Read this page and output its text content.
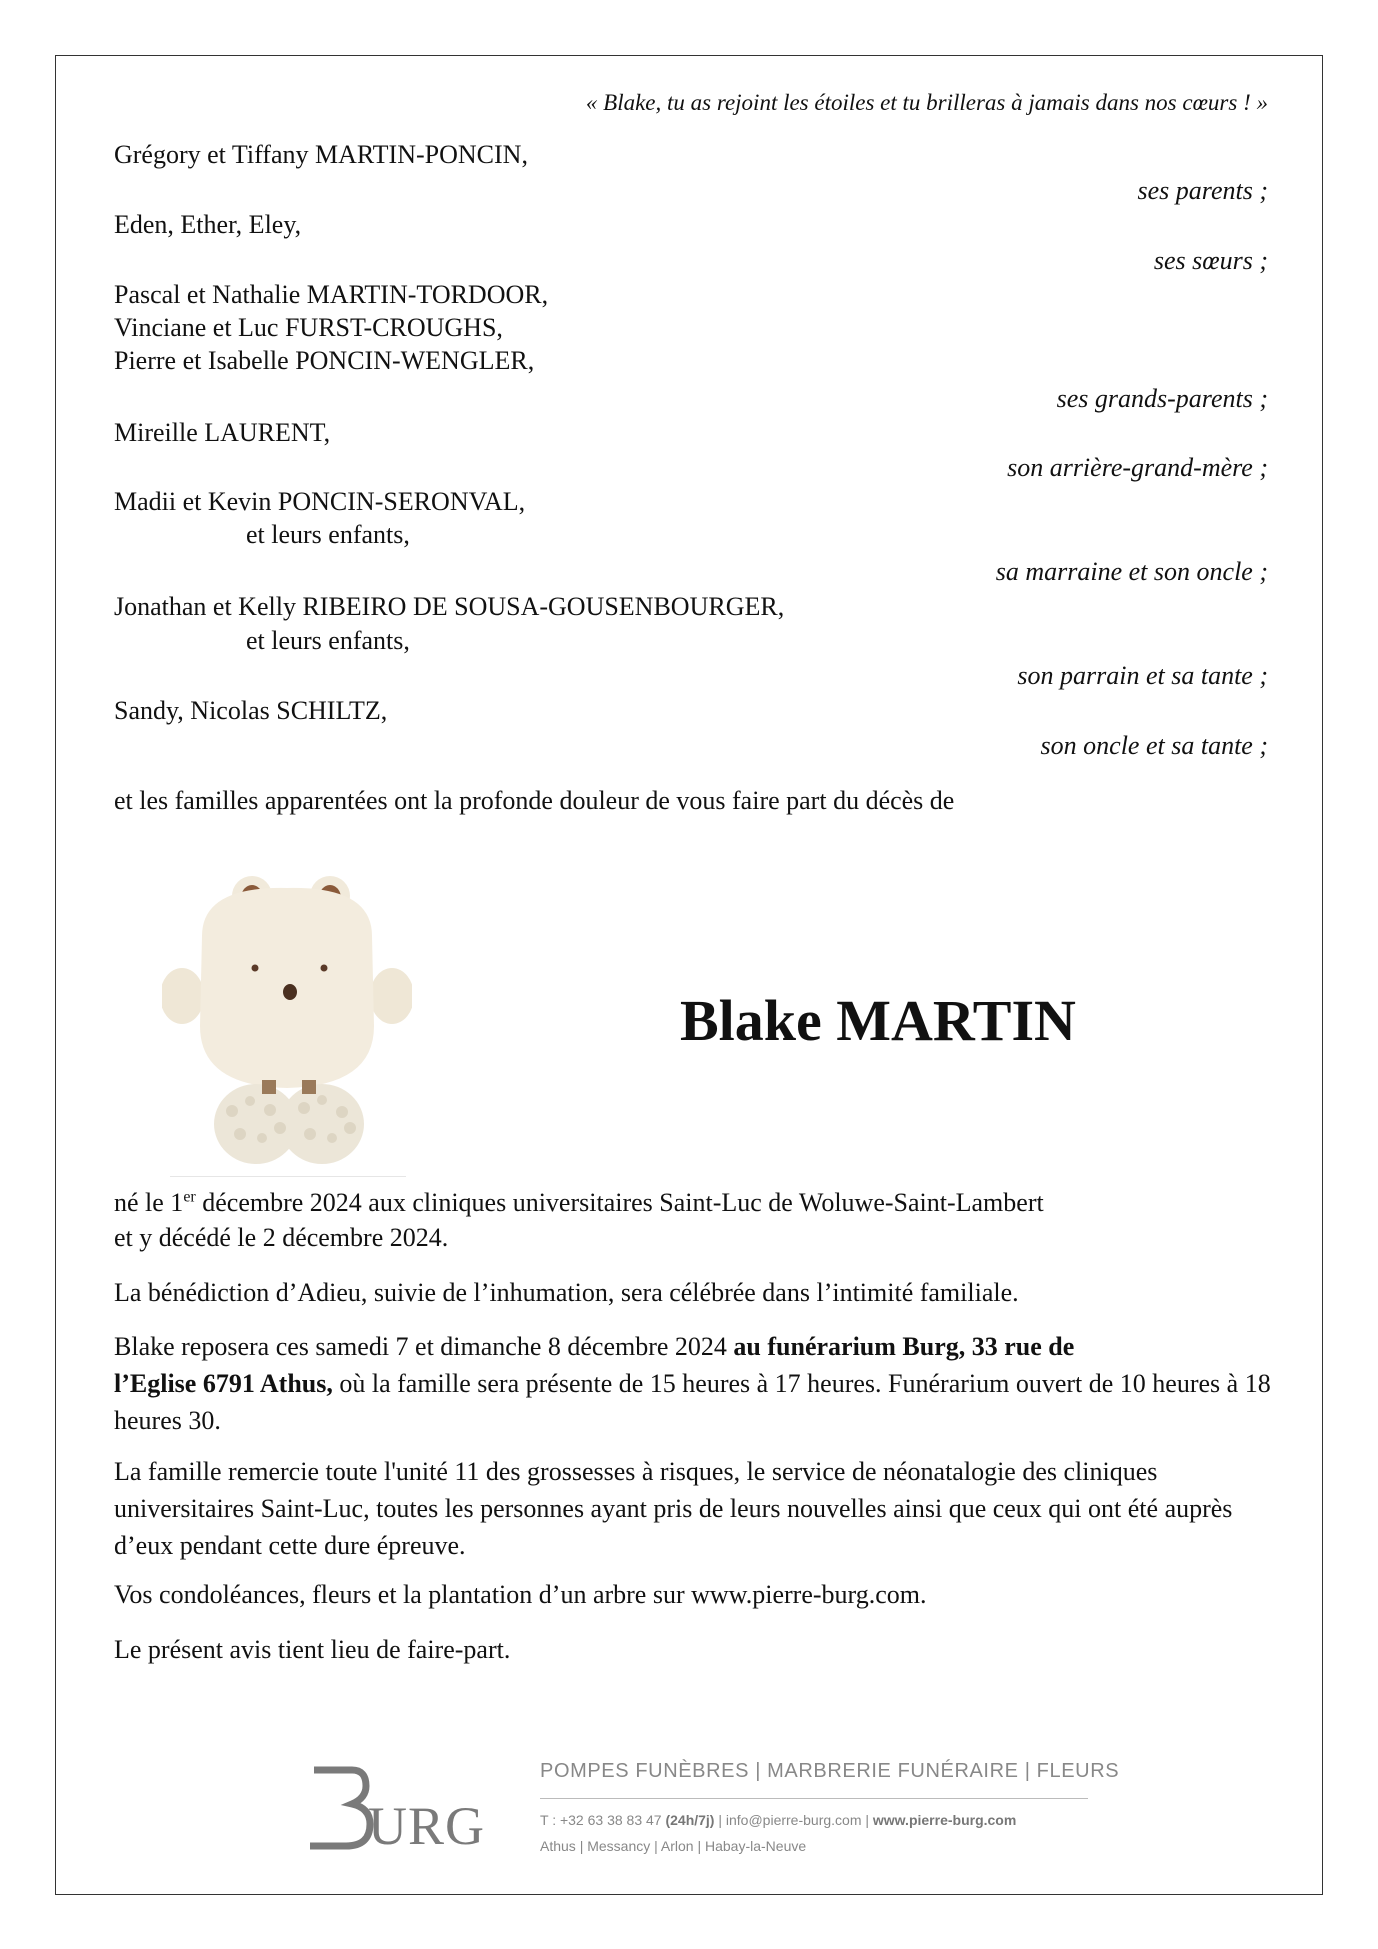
« Blake, tu as rejoint les étoiles et tu brilleras à jamais dans nos cœurs ! »
Grégory et Tiffany MARTIN-PONCIN,
ses parents ;
Eden, Ether, Eley,
ses sœurs ;
Pascal et Nathalie MARTIN-TORDOOR,
Vinciane et Luc FURST-CROUGHS,
Pierre et Isabelle PONCIN-WENGLER,
ses grands-parents ;
Mireille LAURENT,
son arrière-grand-mère ;
Madii et Kevin PONCIN-SERONVAL,
et leurs enfants,
sa marraine et son oncle ;
Jonathan et Kelly RIBEIRO DE SOUSA-GOUSENBOURGER,
et leurs enfants,
son parrain et sa tante ;
Sandy, Nicolas SCHILTZ,
son oncle et sa tante ;
et les familles apparentées ont la profonde douleur de vous faire part du décès de
Blake MARTIN
né le 1er décembre 2024 aux cliniques universitaires Saint-Luc de Woluwe-Saint-Lambert
et y décédé le 2 décembre 2024.
La bénédiction d’Adieu, suivie de l’inhumation, sera célébrée dans l’intimité familiale.
Blake reposera ces samedi 7 et dimanche 8 décembre 2024 au funérarium Burg, 33 rue de
l’Eglise 6791 Athus, où la famille sera présente de 15 heures à 17 heures. Funérarium ouvert de 10 heures à 18 heures 30.
La famille remercie toute l'unité 11 des grossesses à risques, le service de néonatalogie des cliniques universitaires Saint-Luc, toutes les personnes ayant pris de leurs nouvelles ainsi que ceux qui ont été auprès d’eux pendant cette dure épreuve.
Vos condoléances, fleurs et la plantation d’un arbre sur www.pierre-burg.com.
Le présent avis tient lieu de faire-part.
URG
POMPES FUNÈBRES | MARBRERIE FUNÉRAIRE | FLEURS
T : +32 63 38 83 47 (24h/7j) | info@pierre-burg.com | www.pierre-burg.com
Athus | Messancy | Arlon | Habay-la-Neuve
